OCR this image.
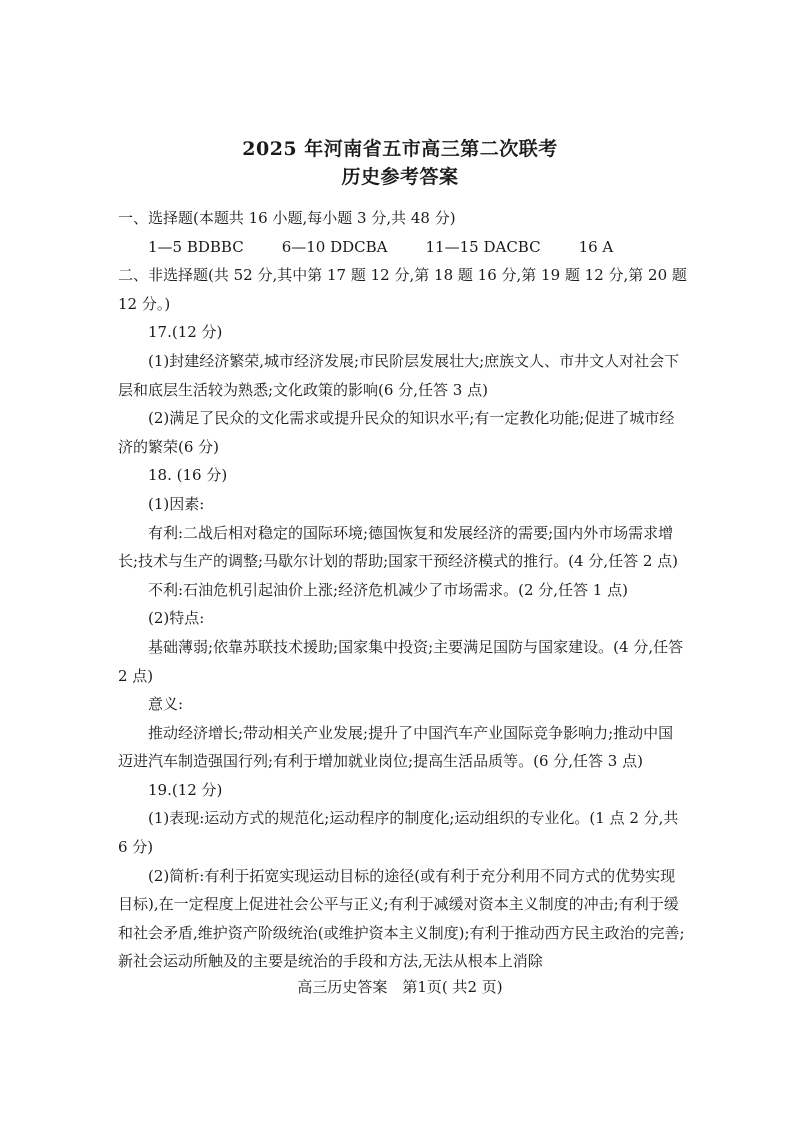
2025 年河南省五市高三第二次联考
历史参考答案

一、选择题(本题共 16 小题,每小题 3 分,共 48 分)

1—5 BDBBC	6—10 DDCBA	11—15 DACBC	16 A

二、非选择题(共 52 分,其中第 17 题 12 分,第 18 题 16 分,第 19 题 12 分,第 20 题 12 分。)

17.(12 分)

(1)封建经济繁荣,城市经济发展;市民阶层发展壮大;庶族文人、市井文人对社会下层和底层生活较为熟悉;文化政策的影响(6 分,任答 3 点)

(2)满足了民众的文化需求或提升民众的知识水平;有一定教化功能;促进了城市经济的繁荣(6 分)

18. (16 分)

(1)因素:

有利:二战后相对稳定的国际环境;德国恢复和发展经济的需要;国内外市场需求增长;技术与生产的调整;马歇尔计划的帮助;国家干预经济模式的推行。(4 分,任答 2 点)

不利:石油危机引起油价上涨;经济危机减少了市场需求。(2 分,任答 1 点)

(2)特点:

基础薄弱;依靠苏联技术援助;国家集中投资;主要满足国防与国家建设。(4 分,任答 2 点)

意义:

推动经济增长;带动相关产业发展;提升了中国汽车产业国际竞争影响力;推动中国迈进汽车制造强国行列;有利于增加就业岗位;提高生活品质等。(6 分,任答 3 点)

19.(12 分)

(1)表现:运动方式的规范化;运动程序的制度化;运动组织的专业化。(1 点 2 分,共 6 分)

(2)简析:有利于拓宽实现运动目标的途径(或有利于充分利用不同方式的优势实现目标),在一定程度上促进社会公平与正义;有利于减缓对资本主义制度的冲击;有利于缓和社会矛盾,维护资产阶级统治(或维护资本主义制度);有利于推动西方民主政治的完善;新社会运动所触及的主要是统治的手段和方法,无法从根本上消除

高三历史答案　第1页( 共2 页)
